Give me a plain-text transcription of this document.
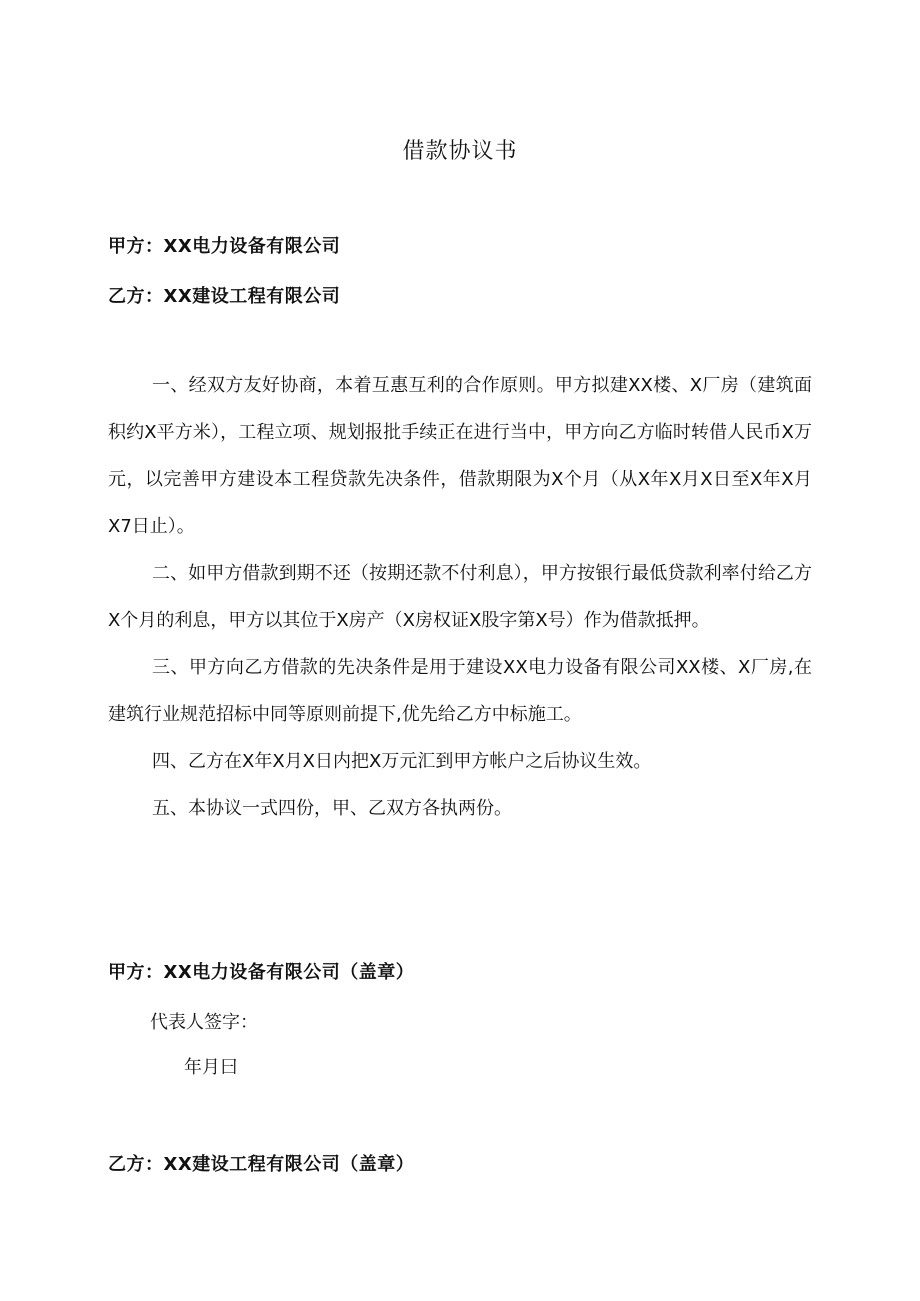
借款协议书

甲方：XX电力设备有限公司

乙方：XX建设工程有限公司

一、经双方友好协商，本着互惠互利的合作原则。甲方拟建XX楼、X厂房（建筑面积约X平方米），工程立项、规划报批手续正在进行当中，甲方向乙方临时转借人民币X万元，以完善甲方建设本工程贷款先决条件，借款期限为X个月（从X年X月X日至X年X月X7日止）。

二、如甲方借款到期不还（按期还款不付利息），甲方按银行最低贷款利率付给乙方X个月的利息，甲方以其位于X房产（X房权证X股字第X号）作为借款抵押。

三、甲方向乙方借款的先决条件是用于建设XX电力设备有限公司XX楼、X厂房,在建筑行业规范招标中同等原则前提下,优先给乙方中标施工。

四、乙方在X年X月X日内把X万元汇到甲方帐户之后协议生效。

五、本协议一式四份，甲、乙双方各执两份。

甲方：XX电力设备有限公司（盖章）

代表人签字：

年月曰

乙方：XX建设工程有限公司（盖章）
